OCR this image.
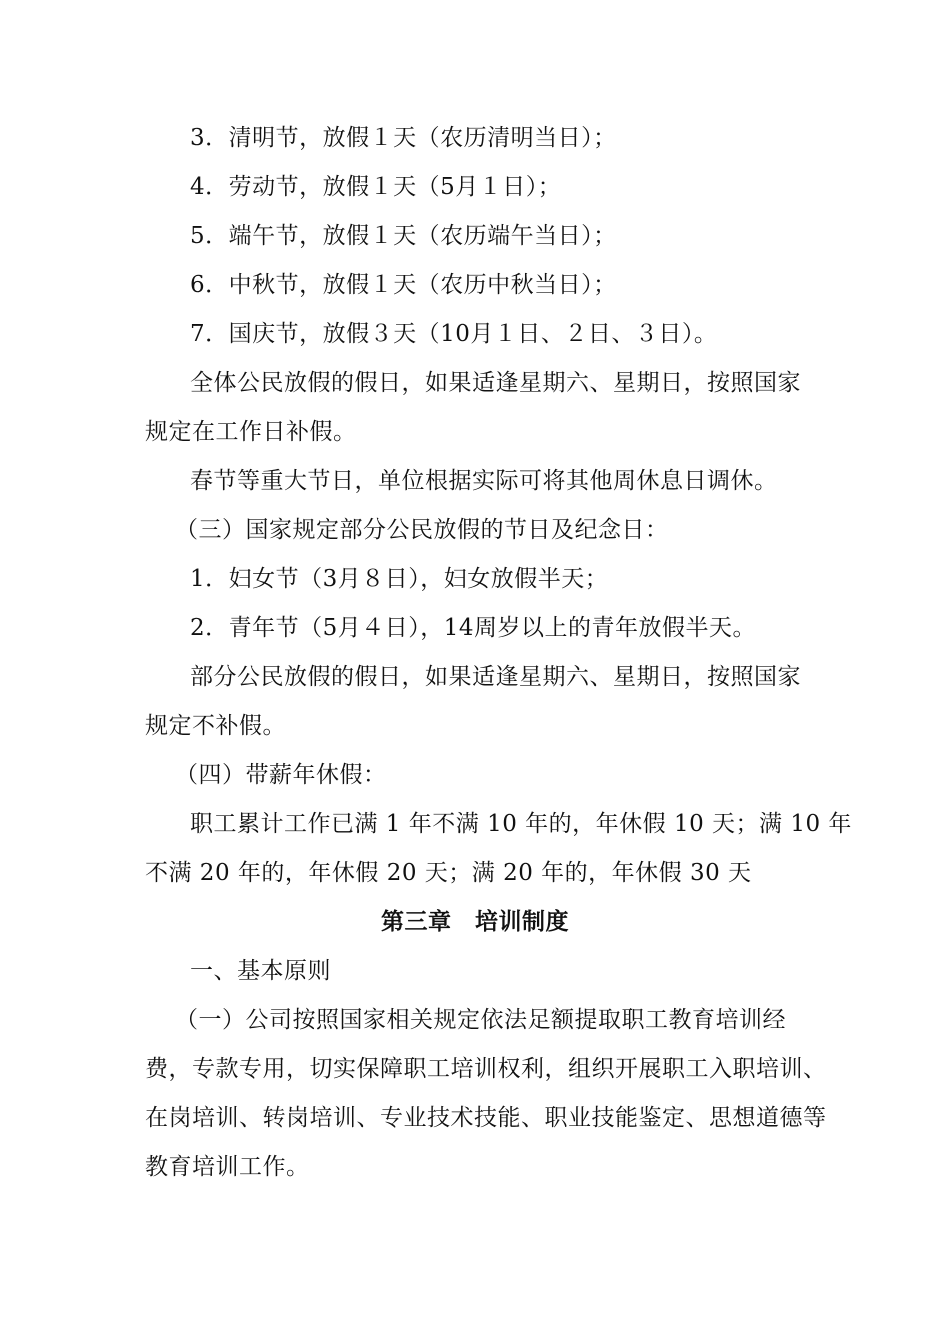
3．清明节，放假１天（农历清明当日）；
4．劳动节，放假１天（5月１日）；
5．端午节，放假１天（农历端午当日）；
6．中秋节，放假１天（农历中秋当日）；
7．国庆节，放假３天（10月１日、２日、３日）。
全体公民放假的假日，如果适逢星期六、星期日，按照国家
规定在工作日补假。
春节等重大节日，单位根据实际可将其他周休息日调休。
（三）国家规定部分公民放假的节日及纪念日：
1．妇女节（3月８日），妇女放假半天；
2．青年节（5月４日），14周岁以上的青年放假半天。
部分公民放假的假日，如果适逢星期六、星期日，按照国家
规定不补假。
（四）带薪年休假：
职工累计工作已满 1 年不满 10 年的，年休假 10 天；满 10 年
不满 20 年的，年休假 20 天；满 20 年的，年休假 30 天
第三章　培训制度
一、基本原则
（一）公司按照国家相关规定依法足额提取职工教育培训经
费，专款专用，切实保障职工培训权利，组织开展职工入职培训、
在岗培训、转岗培训、专业技术技能、职业技能鉴定、思想道德等
教育培训工作。
